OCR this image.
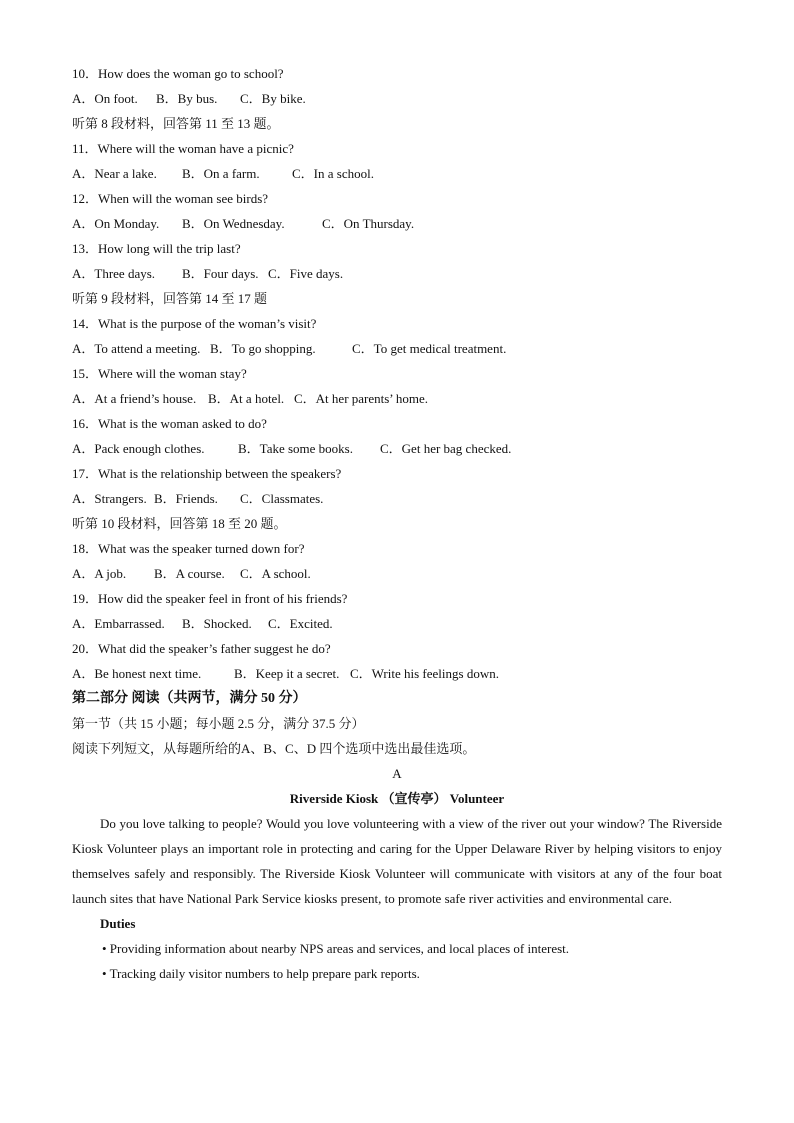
10．How does the woman go to school?
A．On foot. B．By bus. C．By bike.
听第 8 段材料，回答第 11 至 13 题。
11．Where will the woman have a picnic?
A．Near a lake. B．On a farm. C．In a school.
12．When will the woman see birds?
A．On Monday. B．On Wednesday.	C．On Thursday.
13．How long will the trip last?
A．Three days. B．Four days. C．Five days.
听第 9 段材料，回答第 14 至 17 题
14．What is the purpose of the woman’s visit?
A．To attend a meeting. B．To go shopping.	C．To get medical treatment.
15．Where will the woman stay?
A．At a friend’s house. B．At a hotel. C．At her parents’ home.
16．What is the woman asked to do?
A．Pack enough clothes.	B．Take some books. C．Get her bag checked.
17．What is the relationship between the speakers?
A．Strangers. B．Friends. C．Classmates.
听第 10 段材料，回答第 18 至 20 题。
18．What was the speaker turned down for?
A．A job. B．A course. C．A school.
19．How did the speaker feel in front of his friends?
A．Embarrassed. B．Shocked. C．Excited.
20．What did the speaker’s father suggest he do?
A．Be honest next time.	B．Keep it a secret. C．Write his feelings down.
第二部分 阅读（共两节，满分 50 分）
第一节（共 15 小题；每小题 2.5 分，满分 37.5 分）
阅读下列短文，从每题所给的A、B、C、D 四个选项中选出最佳选项。
A
Riverside Kiosk （宣传亭） Volunteer
Do you love talking to people? Would you love volunteering with a view of the river out your window? The Riverside Kiosk Volunteer plays an important role in protecting and caring for the Upper Delaware River by helping visitors to enjoy themselves safely and responsibly. The Riverside Kiosk Volunteer will communicate with visitors at any of the four boat launch sites that have National Park Service kiosks present, to promote safe river activities and environmental care.
Duties
• Providing information about nearby NPS areas and services, and local places of interest.
• Tracking daily visitor numbers to help prepare park reports.
